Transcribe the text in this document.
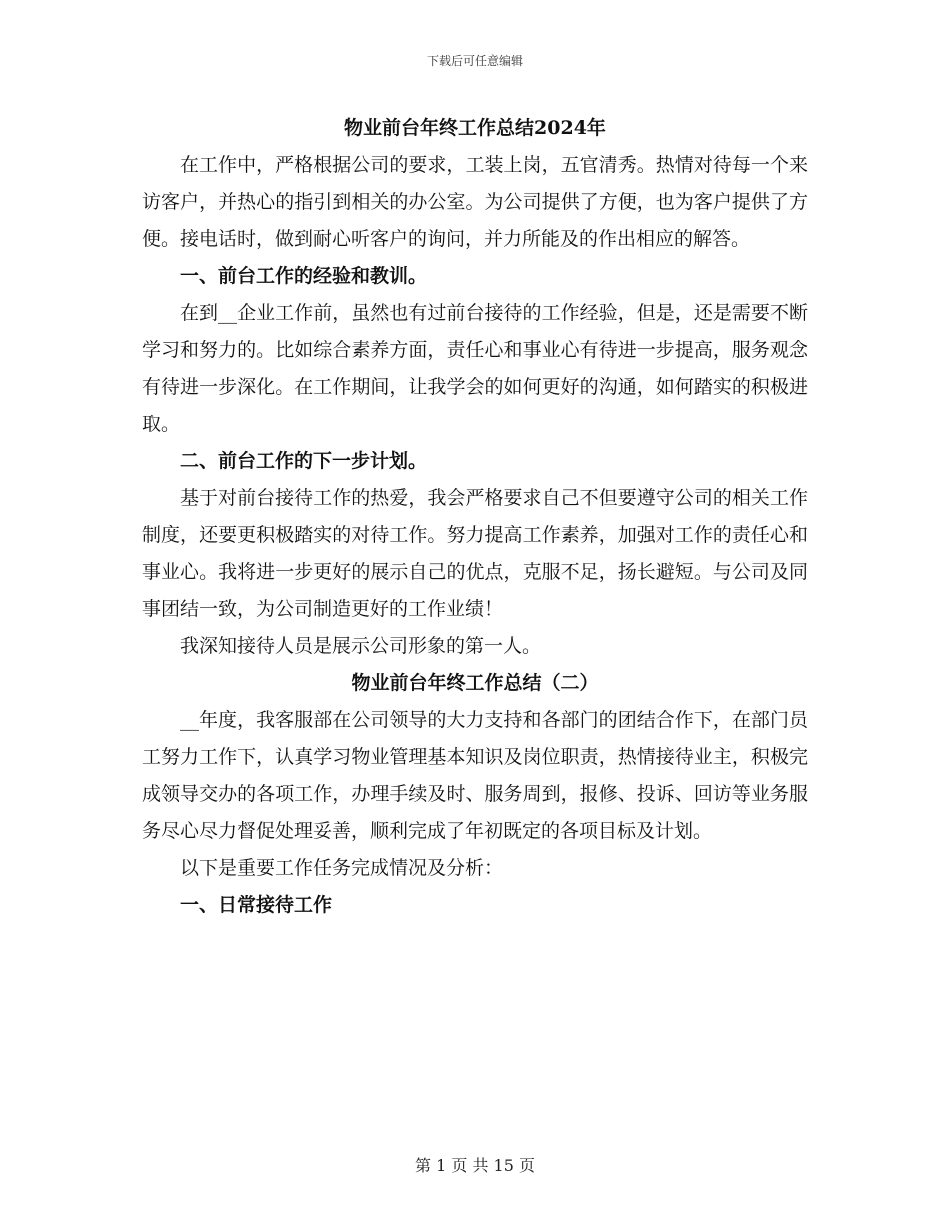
下载后可任意编辑

物业前台年终工作总结2024年

在工作中，严格根据公司的要求，工装上岗，五官清秀。热情对待每一个来访客户，并热心的指引到相关的办公室。为公司提供了方便，也为客户提供了方便。接电话时，做到耐心听客户的询问，并力所能及的作出相应的解答。

一、前台工作的经验和教训。

在到__企业工作前，虽然也有过前台接待的工作经验，但是，还是需要不断学习和努力的。比如综合素养方面，责任心和事业心有待进一步提高，服务观念有待进一步深化。在工作期间，让我学会的如何更好的沟通，如何踏实的积极进取。

二、前台工作的下一步计划。

基于对前台接待工作的热爱，我会严格要求自己不但要遵守公司的相关工作制度，还要更积极踏实的对待工作。努力提高工作素养，加强对工作的责任心和事业心。我将进一步更好的展示自己的优点，克服不足，扬长避短。与公司及同事团结一致，为公司制造更好的工作业绩！

我深知接待人员是展示公司形象的第一人。

物业前台年终工作总结（二）

__年度，我客服部在公司领导的大力支持和各部门的团结合作下，在部门员工努力工作下，认真学习物业管理基本知识及岗位职责，热情接待业主，积极完成领导交办的各项工作，办理手续及时、服务周到，报修、投诉、回访等业务服务尽心尽力督促处理妥善，顺利完成了年初既定的各项目标及计划。

以下是重要工作任务完成情况及分析：

一、日常接待工作

第 1 页 共 15 页
